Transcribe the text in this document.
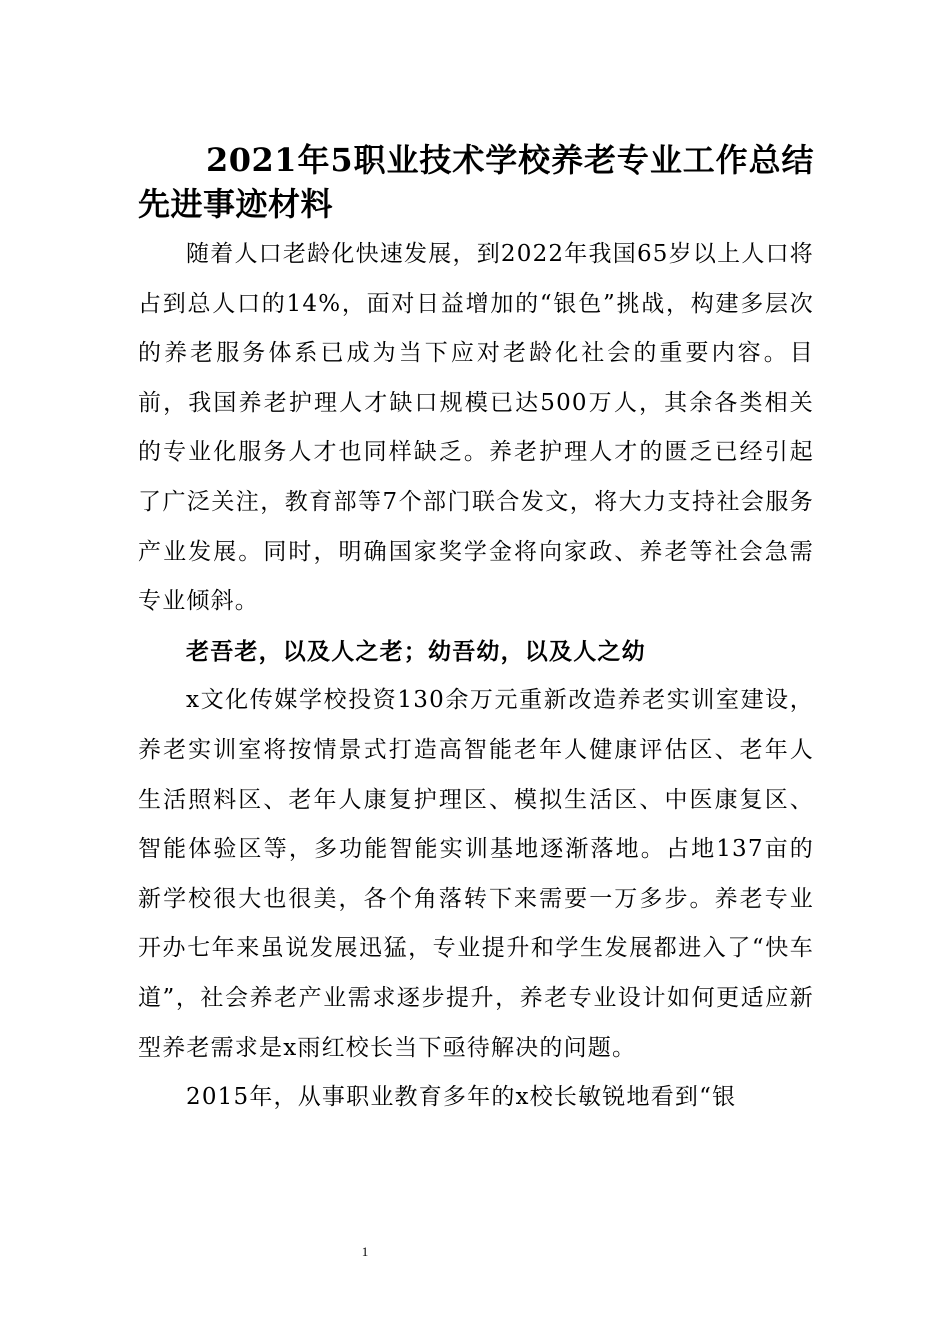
2021年5职业技术学校养老专业工作总结先进事迹材料

随着人口老龄化快速发展，到2022年我国65岁以上人口将占到总人口的14%，面对日益增加的“银色”挑战，构建多层次的养老服务体系已成为当下应对老龄化社会的重要内容。目前，我国养老护理人才缺口规模已达500万人，其余各类相关的专业化服务人才也同样缺乏。养老护理人才的匮乏已经引起了广泛关注，教育部等7个部门联合发文，将大力支持社会服务产业发展。同时，明确国家奖学金将向家政、养老等社会急需专业倾斜。

老吾老，以及人之老；幼吾幼，以及人之幼

x文化传媒学校投资130余万元重新改造养老实训室建设，养老实训室将按情景式打造高智能老年人健康评估区、老年人生活照料区、老年人康复护理区、模拟生活区、中医康复区、智能体验区等，多功能智能实训基地逐渐落地。占地137亩的新学校很大也很美，各个角落转下来需要一万多步。养老专业开办七年来虽说发展迅猛，专业提升和学生发展都进入了“快车道”，社会养老产业需求逐步提升，养老专业设计如何更适应新型养老需求是x雨红校长当下亟待解决的问题。

2015年，从事职业教育多年的x校长敏锐地看到“银

1
